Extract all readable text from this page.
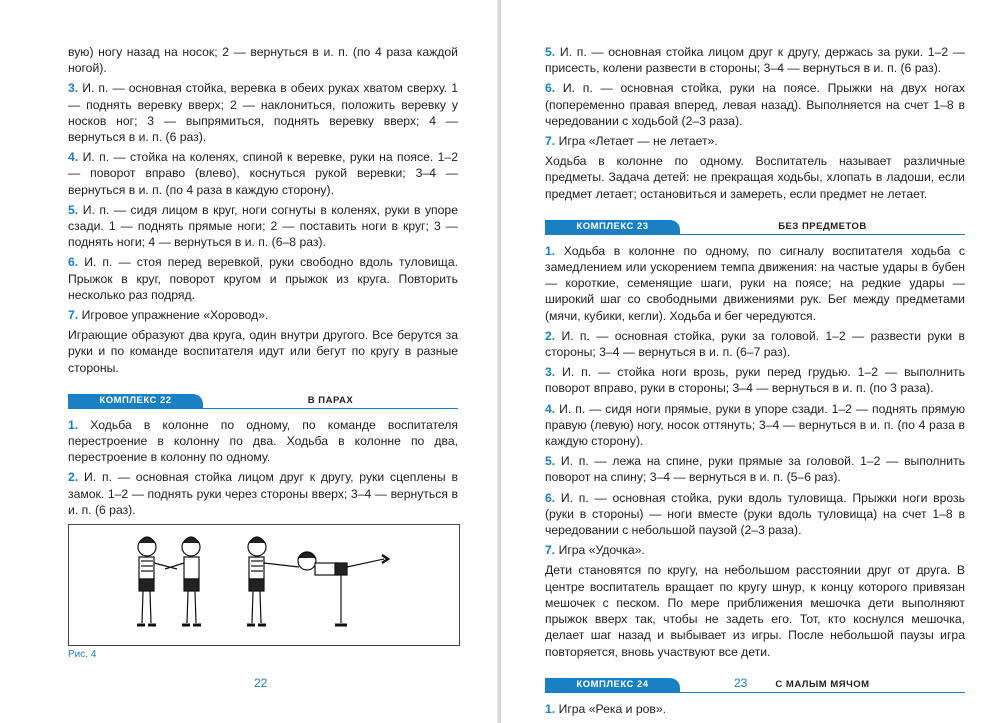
вую) ногу назад на носок; 2 — вернуться в и. п. (по 4 раза каждой ногой).

3. И. п. — основная стойка, веревка в обеих руках хватом сверху. 1 — поднять веревку вверх; 2 — наклониться, положить веревку у носков ног; 3 — выпрямиться, поднять веревку вверх; 4 — вернуться в и. п. (6 раз).

4. И. п. — стойка на коленях, спиной к веревке, руки на поясе. 1–2 — поворот вправо (влево), коснуться рукой веревки; 3–4 — вернуться в и. п. (по 4 раза в каждую сторону).

5. И. п. — сидя лицом в круг, ноги согнуты в коленях, руки в упоре сзади. 1 — поднять прямые ноги; 2 — поставить ноги в круг; 3 — поднять ноги; 4 — вернуться в и. п. (6–8 раз).

6. И. п. — стоя перед веревкой, руки свободно вдоль туловища. Прыжок в круг, поворот кругом и прыжок из круга. Повторить несколько раз подряд.

7. Игровое упражнение «Хоровод».

Играющие образуют два круга, один внутри другого. Все берутся за руки и по команде воспитателя идут или бегут по кругу в разные стороны.

КОМПЛЕКС 22	В ПАРАХ

1. Ходьба в колонне по одному, по команде воспитателя перестроение в колонну по два. Ходьба в колонне по два, перестроение в колонну по одному.

2. И. п. — основная стойка лицом друг к другу, руки сцеплены в замок. 1–2 — поднять руки через стороны вверх; 3–4 — вернуться в и. п. (6 раз).

Рис. 4
22

5. И. п. — основная стойка лицом друг к другу, держась за руки. 1–2 — присесть, колени развести в стороны; 3–4 — вернуться в и. п. (6 раз).

6. И. п. — основная стойка, руки на поясе. Прыжки на двух ногах (попеременно правая вперед, левая назад). Выполняется на счет 1–8 в чередовании с ходьбой (2–3 раза).

7. Игра «Летает — не летает».

Ходьба в колонне по одному. Воспитатель называет различные предметы. Задача детей: не прекращая ходьбы, хлопать в ладоши, если предмет летает; остановиться и замереть, если предмет не летает.

КОМПЛЕКС 23	БЕЗ ПРЕДМЕТОВ

1. Ходьба в колонне по одному, по сигналу воспитателя ходьба с замедлением или ускорением темпа движения: на частые удары в бубен — короткие, семенящие шаги, руки на поясе; на редкие удары — широкий шаг со свободными движениями рук. Бег между предметами (мячи, кубики, кегли). Ходьба и бег чередуются.

2. И. п. — основная стойка, руки за головой. 1–2 — развести руки в стороны; 3–4 — вернуться в и. п. (6–7 раз).

3. И. п. — стойка ноги врозь, руки перед грудью. 1–2 — выполнить поворот вправо, руки в стороны; 3–4 — вернуться в и. п. (по 3 раза).

4. И. п. — сидя ноги прямые, руки в упоре сзади. 1–2 — поднять прямую правую (левую) ногу, носок оттянуть; 3–4 — вернуться в и. п. (по 4 раза в каждую сторону).

5. И. п. — лежа на спине, руки прямые за головой. 1–2 — выполнить поворот на спину; 3–4 — вернуться в и. п. (5–6 раз).

6. И. п. — основная стойка, руки вдоль туловища. Прыжки ноги врозь (руки в стороны) — ноги вместе (руки вдоль туловища) на счет 1–8 в чередовании с небольшой паузой (2–3 раза).

7. Игра «Удочка».

Дети становятся по кругу, на небольшом расстоянии друг от друга. В центре воспитатель вращает по кругу шнур, к концу которого привязан мешочек с песком. По мере приближения мешочка дети выполняют прыжок вверх так, чтобы не задеть его. Тот, кто коснулся мешочка, делает шаг назад и выбывает из игры. После небольшой паузы игра повторяется, вновь участвуют все дети.

КОМПЛЕКС 24	С МАЛЫМ МЯЧОМ

1. Игра «Река и ров».

23
